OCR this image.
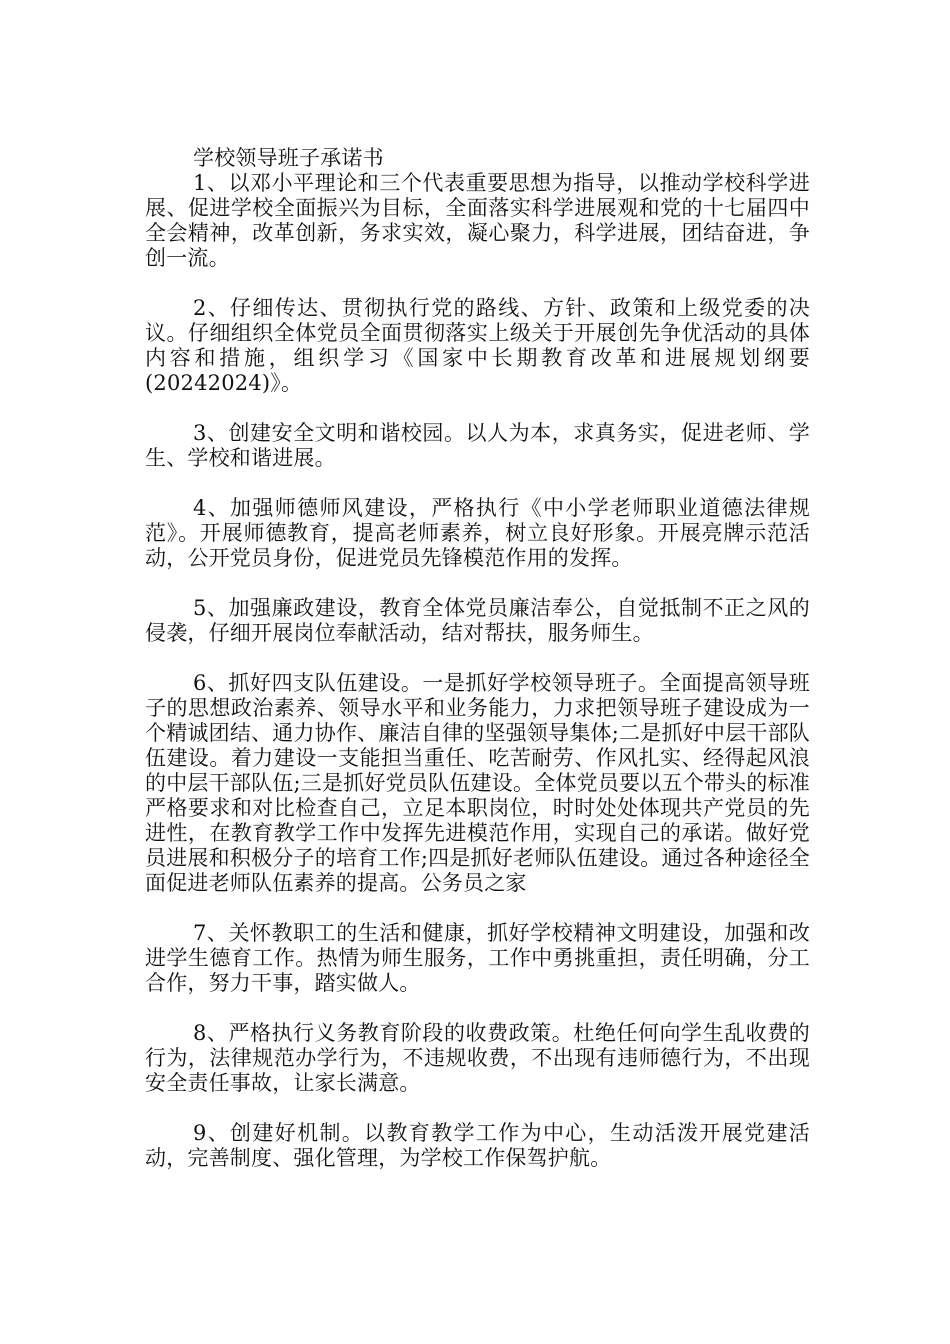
学校领导班子承诺书

1、以邓小平理论和三个代表重要思想为指导，以推动学校科学进展、促进学校全面振兴为目标，全面落实科学进展观和党的十七届四中全会精神，改革创新，务求实效，凝心聚力，科学进展，团结奋进，争创一流。

2、仔细传达、贯彻执行党的路线、方针、政策和上级党委的决议。仔细组织全体党员全面贯彻落实上级关于开展创先争优活动的具体内容和措施，组织学习《国家中长期教育改革和进展规划纲要(20242024)》。

3、创建安全文明和谐校园。以人为本，求真务实，促进老师、学生、学校和谐进展。

4、加强师德师风建设，严格执行《中小学老师职业道德法律规范》。开展师德教育，提高老师素养，树立良好形象。开展亮牌示范活动，公开党员身份，促进党员先锋模范作用的发挥。

5、加强廉政建设，教育全体党员廉洁奉公，自觉抵制不正之风的侵袭，仔细开展岗位奉献活动，结对帮扶，服务师生。

6、抓好四支队伍建设。一是抓好学校领导班子。全面提高领导班子的思想政治素养、领导水平和业务能力，力求把领导班子建设成为一个精诚团结、通力协作、廉洁自律的坚强领导集体;二是抓好中层干部队伍建设。着力建设一支能担当重任、吃苦耐劳、作风扎实、经得起风浪的中层干部队伍;三是抓好党员队伍建设。全体党员要以五个带头的标准严格要求和对比检查自己，立足本职岗位，时时处处体现共产党员的先进性，在教育教学工作中发挥先进模范作用，实现自己的承诺。做好党员进展和积极分子的培育工作;四是抓好老师队伍建设。通过各种途径全面促进老师队伍素养的提高。公务员之家

7、关怀教职工的生活和健康，抓好学校精神文明建设，加强和改进学生德育工作。热情为师生服务，工作中勇挑重担，责任明确，分工合作，努力干事，踏实做人。

8、严格执行义务教育阶段的收费政策。杜绝任何向学生乱收费的行为，法律规范办学行为，不违规收费，不出现有违师德行为，不出现安全责任事故，让家长满意。

9、创建好机制。以教育教学工作为中心，生动活泼开展党建活动，完善制度、强化管理，为学校工作保驾护航。
